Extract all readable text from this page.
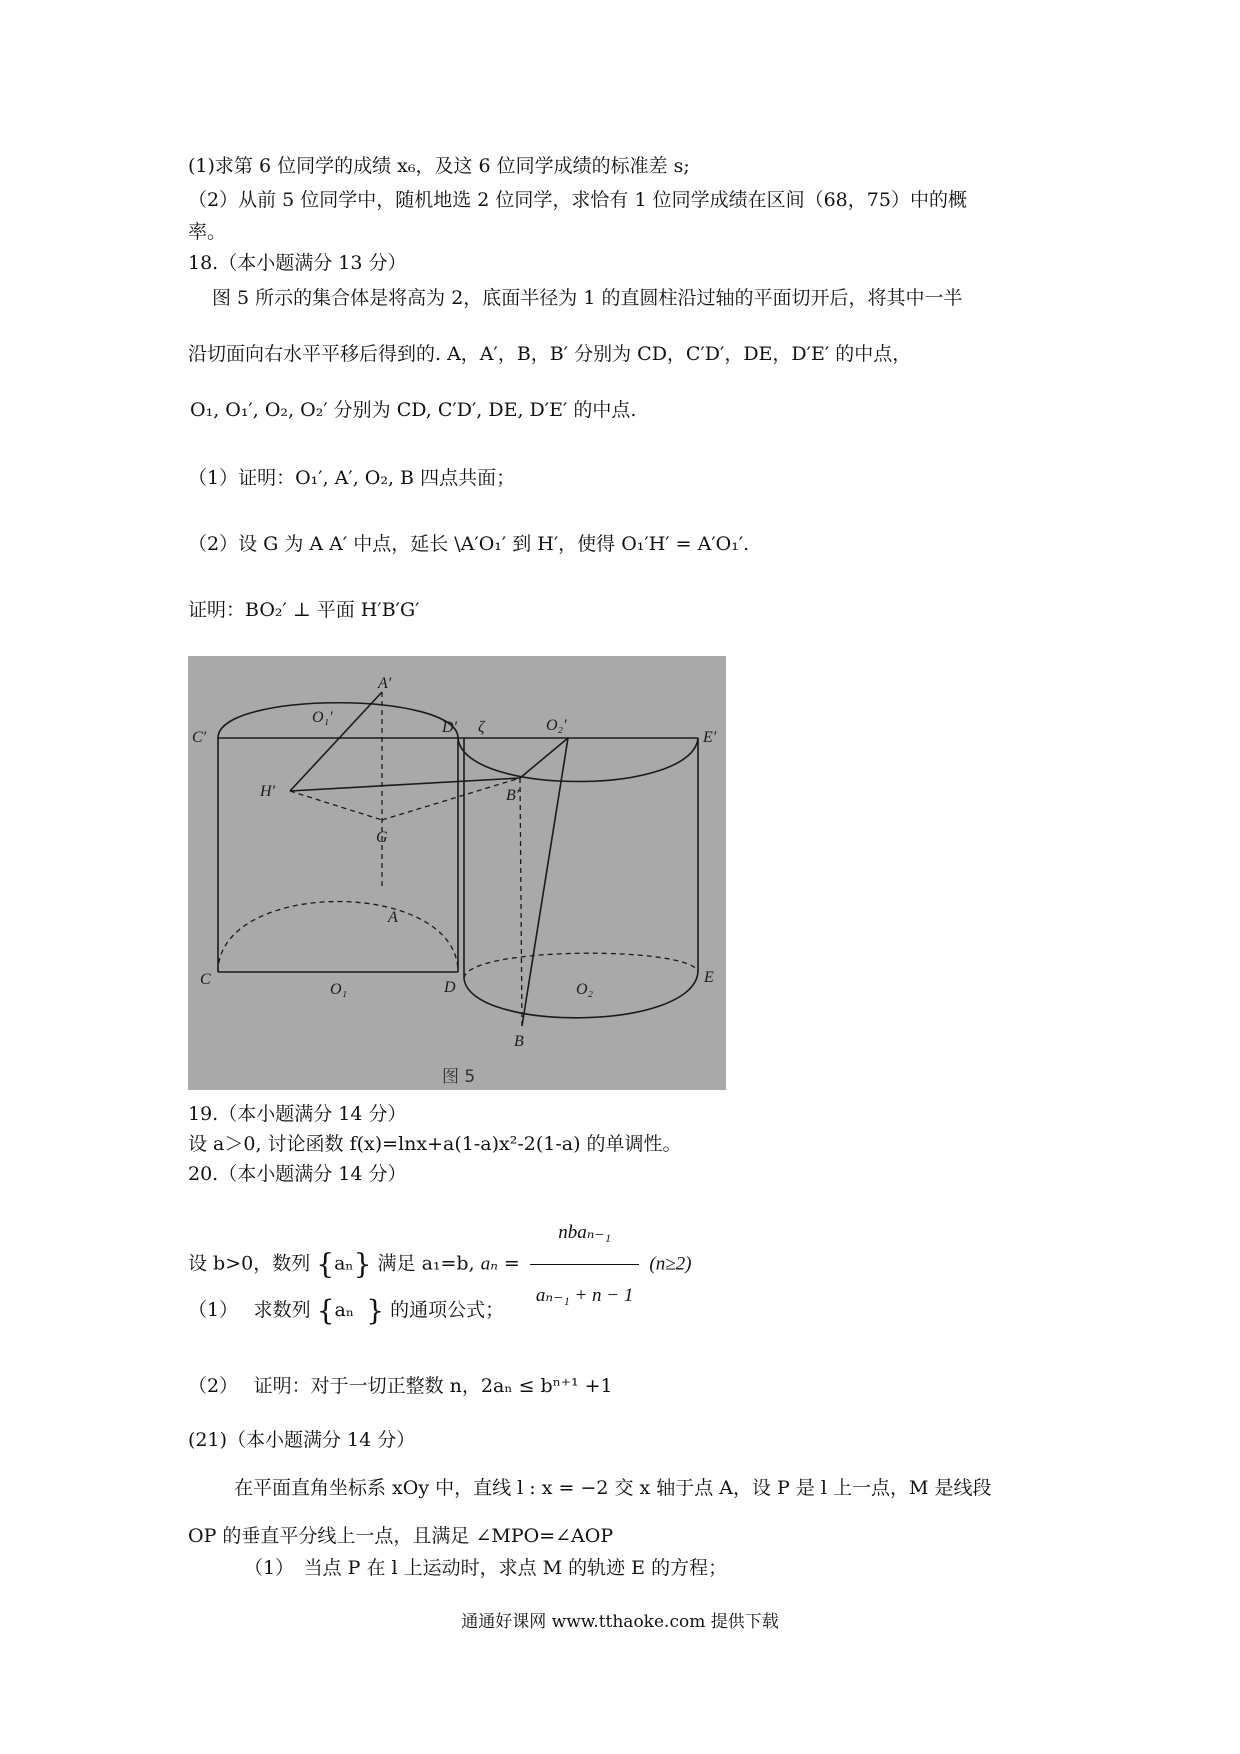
(1)求第 6 位同学的成绩 x₆，及这 6 位同学成绩的标准差 s;
（2）从前 5 位同学中，随机地选 2 位同学，求恰有 1 位同学成绩在区间（68，75）中的概
率。
18.（本小题满分 13 分）
图 5 所示的集合体是将高为 2，底面半径为 1 的直圆柱沿过轴的平面切开后，将其中一半
沿切面向右水平平移后得到的. A，A′，B，B′ 分别为 CD，C′D′，DE，D′E′ 的中点，
O₁, O₁′, O₂, O₂′ 分别为 CD, C′D′, DE, D′E′ 的中点.
（1）证明：O₁′, A′, O₂, B 四点共面；
（2）设 G 为 A A′ 中点，延长 \A′O₁′ 到 H′，使得 O₁′H′ = A′O₁′.
证明：BO₂′ ⊥ 平面 H′B′G′
A′
O₁′
C′
D′ ζ	O₂′
E′
H′	B′
G
A
C
O₁	D	O₂
E
B
图 5
19.（本小题满分 14 分）
设 a＞0, 讨论函数 f(x)=lnx+a(1-a)x²-2(1-a) 的单调性。
20.（本小题满分 14 分）
设 b>0，数列 {aₙ} 满足 a₁=b, $a_n = \frac{\text{nbaₙ₋₁}}{\text{aₙ₋₁ + n − 1}} (n\ge 2)$
（1）　 求数列 {aₙ } 的通项公式；
（2）　 证明：对于一切正整数 n，2aₙ ≤ bⁿ⁺¹ +1
(21)（本小题满分 14 分）
在平面直角坐标系 xOy 中，直线 l : x = −2 交 x 轴于点 A，设 P 是 l 上一点，M 是线段
OP 的垂直平分线上一点，且满足 ∠MPO=∠AOP
（1）　当点 P 在 l 上运动时，求点 M 的轨迹 E 的方程；
通通好课网 www.tthaoke.com 提供下载
